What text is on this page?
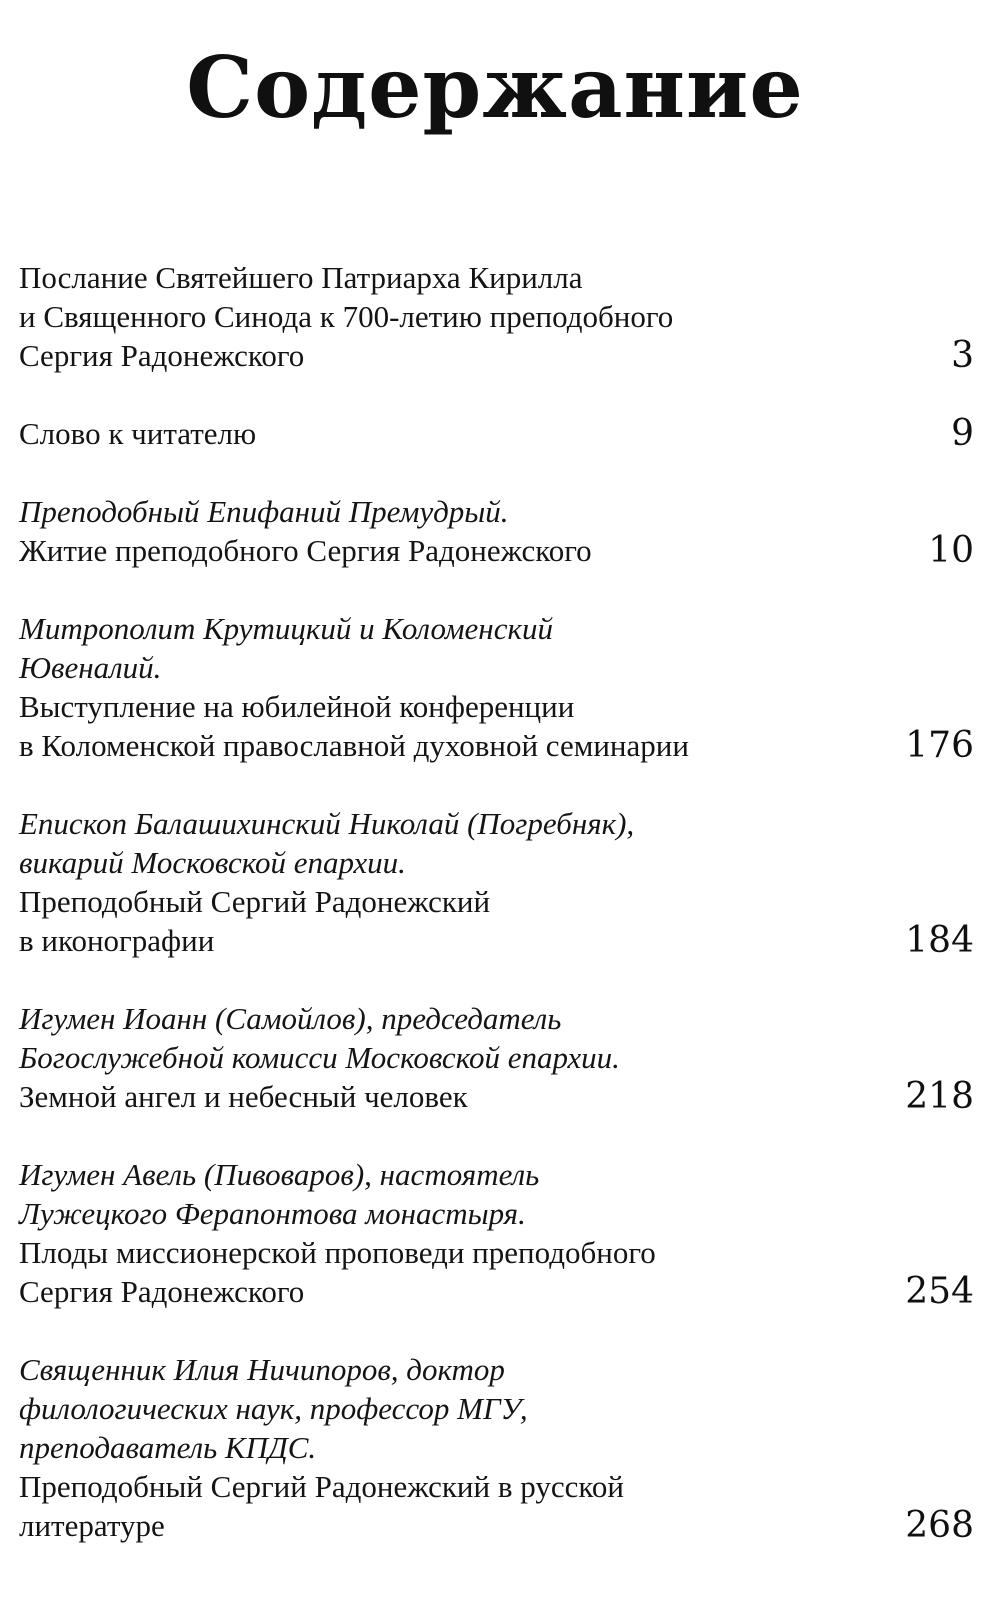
Содержание
Послание Святейшего Патриарха Кирилла
и Священного Синода к 700-летию преподобного
Сергия Радонежского	3
Слово к читателю	9
Преподобный Епифаний Премудрый.
Житие преподобного Сергия Радонежского	10
Митрополит Крутицкий и Коломенский
Ювеналий.
Выступление на юбилейной конференции
в Коломенской православной духовной семинарии	176
Епископ Балашихинский Николай (Погребняк),
викарий Московской епархии.
Преподобный Сергий Радонежский
в иконографии	184
Игумен Иоанн (Самойлов), председатель
Богослужебной комисси Московской епархии.
Земной ангел и небесный человек	218
Игумен Авель (Пивоваров), настоятель
Лужецкого Ферапонтова монастыря.
Плоды миссионерской проповеди преподобного
Сергия Радонежского	254
Священник Илия Ничипоров, доктор
филологических наук, профессор МГУ,
преподаватель КПДС.
Преподобный Сергий Радонежский в русской
литературе	268
